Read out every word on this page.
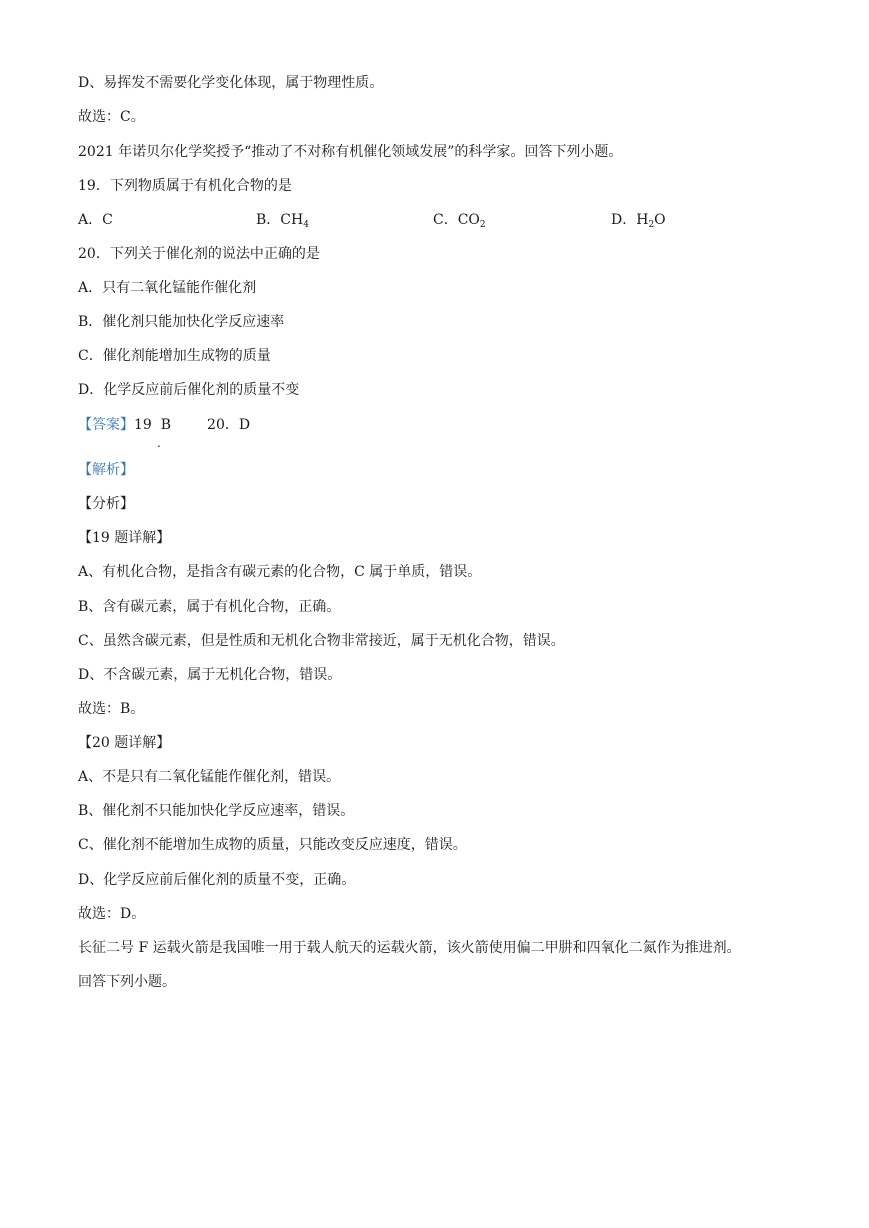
D、易挥发不需要化学变化体现，属于物理性质。
故选：C。
2021 年诺贝尔化学奖授予“推动了不对称有机催化领域发展”的科学家。回答下列小题。
19．下列物质属于有机化合物的是
A．C	B．$CH_4$	C．$CO_2$	D．$H_2O$
20．下列关于催化剂的说法中正确的是
A．只有二氧化锰能作催化剂
B．催化剂只能加快化学反应速率
C．催化剂能增加生成物的质量
D．化学反应前后催化剂的质量不变
【答案】19 B	20．D
.
【解析】
【分析】
【19 题详解】
A、有机化合物，是指含有碳元素的化合物，C 属于单质，错误。
B、含有碳元素，属于有机化合物，正确。
C、虽然含碳元素，但是性质和无机化合物非常接近，属于无机化合物，错误。
D、不含碳元素，属于无机化合物，错误。
故选：B。
【20 题详解】
A、不是只有二氧化锰能作催化剂，错误。
B、催化剂不只能加快化学反应速率，错误。
C、催化剂不能增加生成物的质量，只能改变反应速度，错误。
D、化学反应前后催化剂的质量不变，正确。
故选：D。
长征二号 F 运载火箭是我国唯一用于载人航天的运载火箭，该火箭使用偏二甲肼和四氧化二氮作为推进剂。
回答下列小题。
